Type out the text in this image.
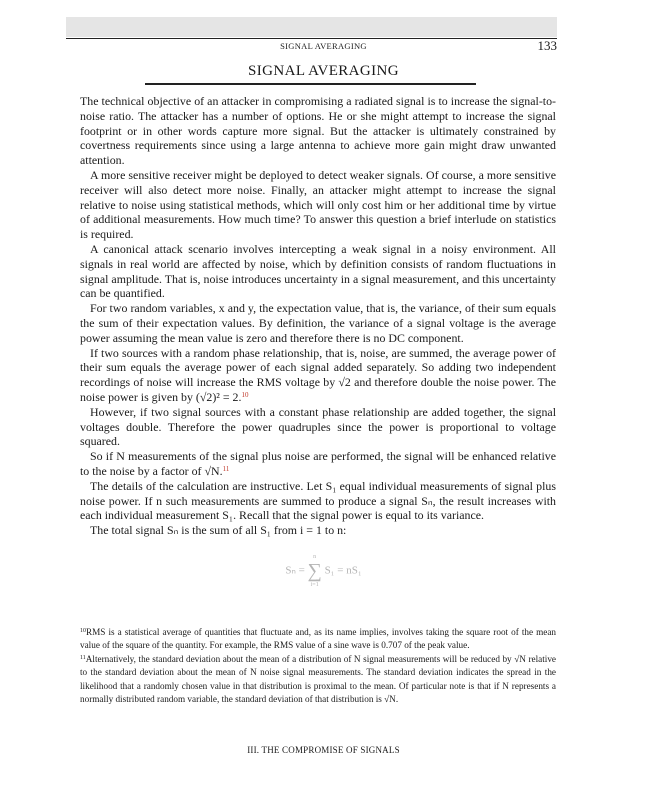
SIGNAL AVERAGING	133
SIGNAL AVERAGING

The technical objective of an attacker in compromising a radiated signal is to increase the signal-to-noise ratio. The attacker has a number of options. He or she might attempt to increase the signal footprint or in other words capture more signal. But the attacker is ultimately constrained by covertness requirements since using a large antenna to achieve more gain might draw unwanted attention.

A more sensitive receiver might be deployed to detect weaker signals. Of course, a more sensitive receiver will also detect more noise. Finally, an attacker might attempt to increase the signal relative to noise using statistical methods, which will only cost him or her additional time by virtue of additional measurements. How much time? To answer this question a brief interlude on statistics is required.

A canonical attack scenario involves intercepting a weak signal in a noisy environment. All signals in real world are affected by noise, which by definition consists of random fluctuations in signal amplitude. That is, noise introduces uncertainty in a signal measurement, and this uncertainty can be quantified.

For two random variables, x and y, the expectation value, that is, the variance, of their sum equals the sum of their expectation values. By definition, the variance of a signal voltage is the average power assuming the mean value is zero and therefore there is no DC component.

If two sources with a random phase relationship, that is, noise, are summed, the average power of their sum equals the average power of each signal added separately. So adding two independent recordings of noise will increase the RMS voltage by √2 and therefore double the noise power. The noise power is given by (√2)² = 2.10

However, if two signal sources with a constant phase relationship are added together, the signal voltages double. Therefore the power quadruples since the power is proportional to voltage squared.

So if N measurements of the signal plus noise are performed, the signal will be enhanced relative to the noise by a factor of √N.$^{11}$

The details of the calculation are instructive. Let S₁ equal individual measurements of signal plus noise power. If n such measurements are summed to produce a signal Sₙ, the result increases with each individual measurement S₁. Recall that the signal power is equal to its variance.

The total signal Sₙ is the sum of all S₁ from i = 1 to n:

Sₙ =
n
∑
i=1
S₁ = nS₁

$^{10}$RMS is a statistical average of quantities that fluctuate and, as its name implies, involves taking the square root of the mean value of the square of the quantity. For example, the RMS value of a sine wave is 0.707 of the peak value.

$^{11}$Alternatively, the standard deviation about the mean of a distribution of N signal measurements will be reduced by √N relative to the standard deviation about the mean of N noise signal measurements. The standard deviation indicates the spread in the likelihood that a randomly chosen value in that distribution is proximal to the mean. Of particular note is that if N represents a normally distributed random variable, the standard deviation of that distribution is √N.

III. THE COMPROMISE OF SIGNALS
